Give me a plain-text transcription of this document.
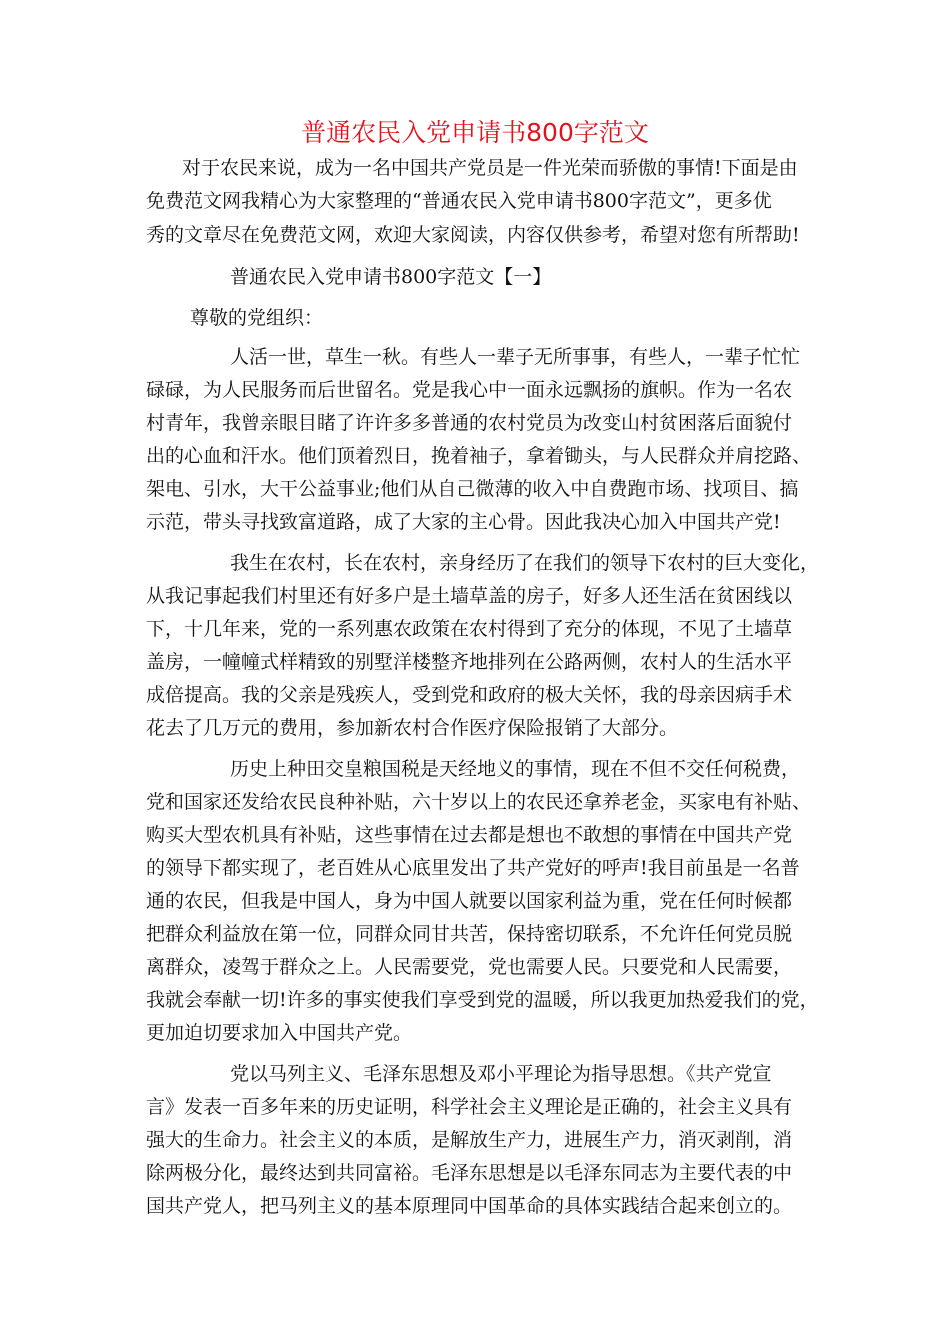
普通农民入党申请书800字范文
对于农民来说，成为一名中国共产党员是一件光荣而骄傲的事情!下面是由
免费范文网我精心为大家整理的“普通农民入党申请书800字范文”，更多优
秀的文章尽在免费范文网，欢迎大家阅读，内容仅供参考，希望对您有所帮助!
普通农民入党申请书800字范文【一】
尊敬的党组织：
人活一世，草生一秋。有些人一辈子无所事事，有些人，一辈子忙忙
碌碌，为人民服务而后世留名。党是我心中一面永远飘扬的旗帜。作为一名农
村青年，我曾亲眼目睹了许许多多普通的农村党员为改变山村贫困落后面貌付
出的心血和汗水。他们顶着烈日，挽着袖子，拿着锄头，与人民群众并肩挖路、
架电、引水，大干公益事业;他们从自己微薄的收入中自费跑市场、找项目、搞
示范，带头寻找致富道路，成了大家的主心骨。因此我决心加入中国共产党!
我生在农村，长在农村，亲身经历了在我们的领导下农村的巨大变化，
从我记事起我们村里还有好多户是土墙草盖的房子，好多人还生活在贫困线以
下，十几年来，党的一系列惠农政策在农村得到了充分的体现，不见了土墙草
盖房，一幢幢式样精致的别墅洋楼整齐地排列在公路两侧，农村人的生活水平
成倍提高。我的父亲是残疾人，受到党和政府的极大关怀，我的母亲因病手术
花去了几万元的费用，参加新农村合作医疗保险报销了大部分。
历史上种田交皇粮国税是天经地义的事情，现在不但不交任何税费，
党和国家还发给农民良种补贴，六十岁以上的农民还拿养老金，买家电有补贴、
购买大型农机具有补贴，这些事情在过去都是想也不敢想的事情在中国共产党
的领导下都实现了，老百姓从心底里发出了共产党好的呼声!我目前虽是一名普
通的农民，但我是中国人，身为中国人就要以国家利益为重，党在任何时候都
把群众利益放在第一位，同群众同甘共苦，保持密切联系，不允许任何党员脱
离群众，凌驾于群众之上。人民需要党，党也需要人民。只要党和人民需要，
我就会奉献一切!许多的事实使我们享受到党的温暖，所以我更加热爱我们的党，
更加迫切要求加入中国共产党。
党以马列主义、毛泽东思想及邓小平理论为指导思想。《共产党宣
言》发表一百多年来的历史证明，科学社会主义理论是正确的，社会主义具有
强大的生命力。社会主义的本质，是解放生产力，进展生产力，消灭剥削，消
除两极分化，最终达到共同富裕。毛泽东思想是以毛泽东同志为主要代表的中
国共产党人，把马列主义的基本原理同中国革命的具体实践结合起来创立的。
